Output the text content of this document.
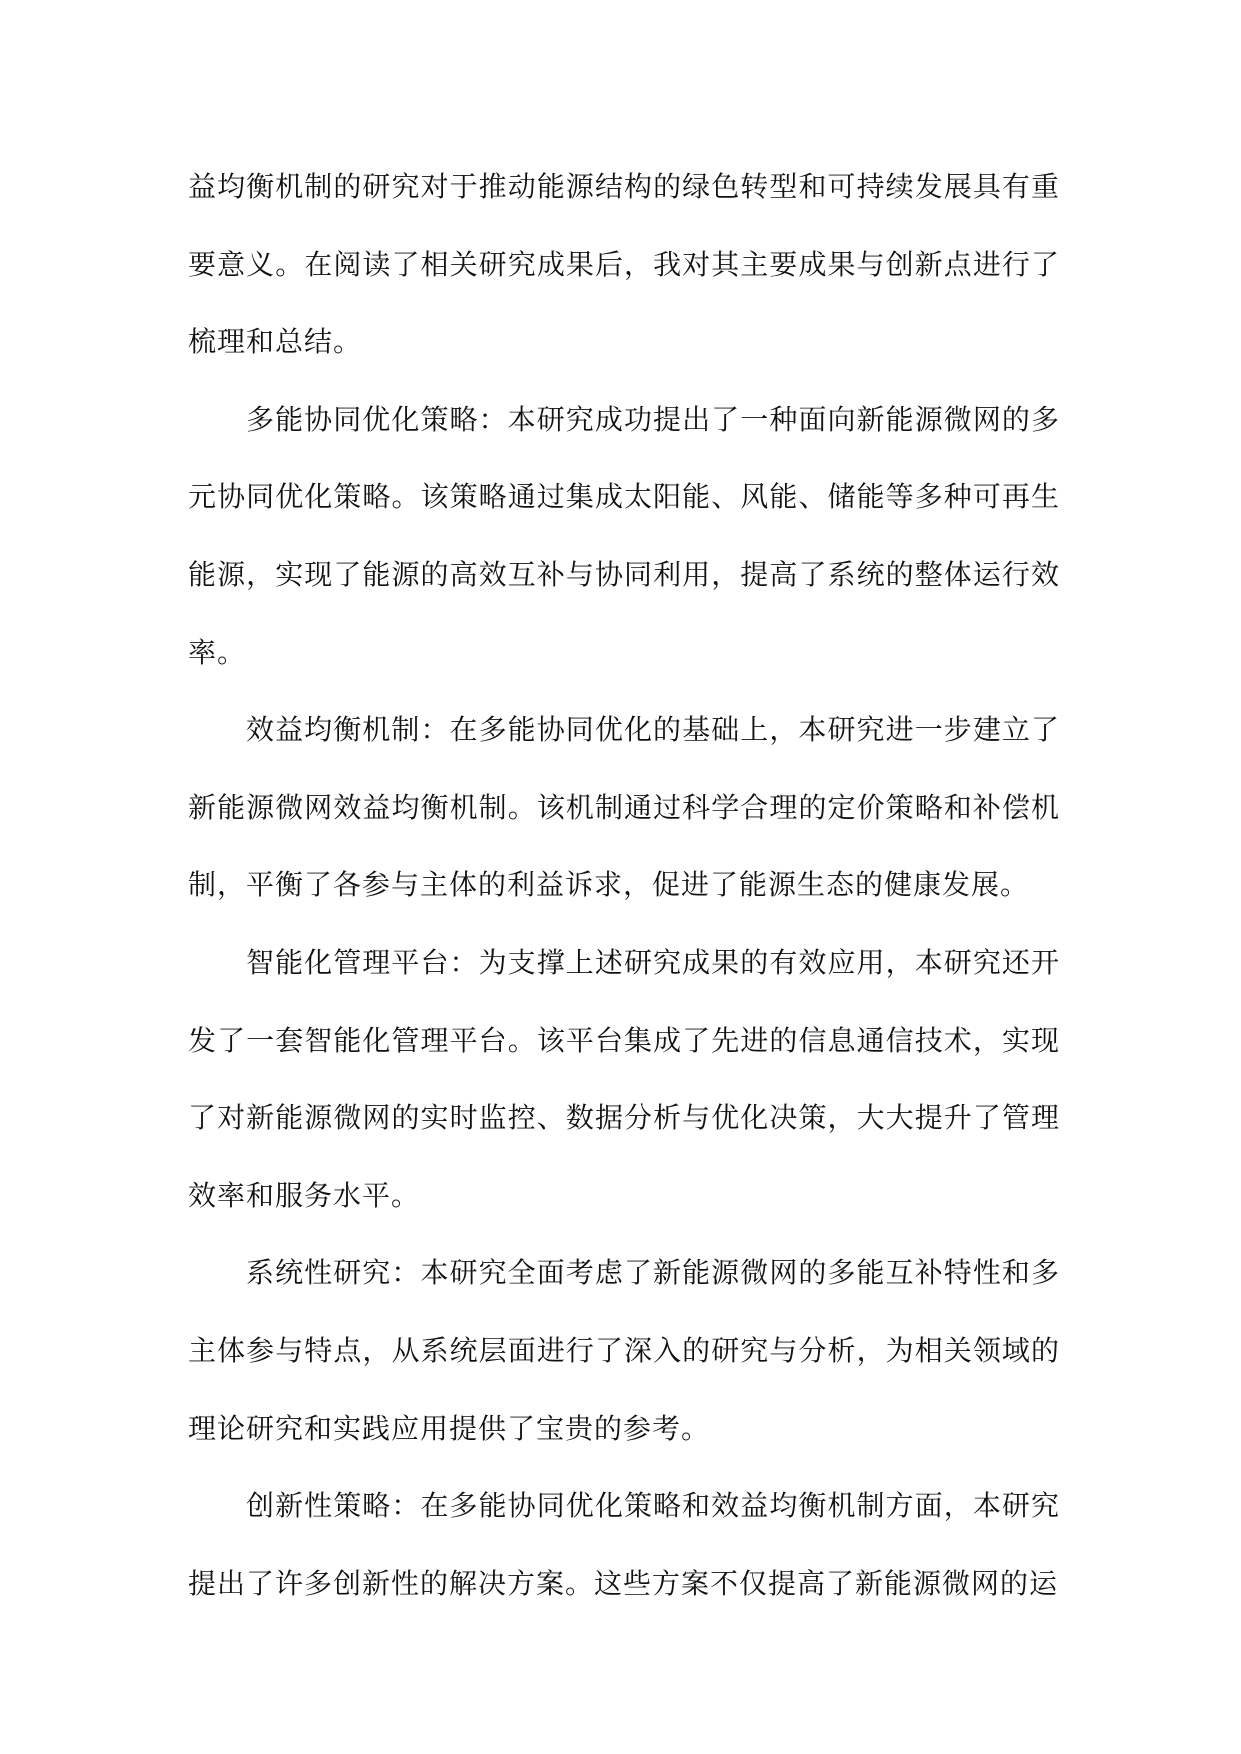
益均衡机制的研究对于推动能源结构的绿色转型和可持续发展具有重要意义。在阅读了相关研究成果后，我对其主要成果与创新点进行了梳理和总结。

多能协同优化策略：本研究成功提出了一种面向新能源微网的多元协同优化策略。该策略通过集成太阳能、风能、储能等多种可再生能源，实现了能源的高效互补与协同利用，提高了系统的整体运行效率。

效益均衡机制：在多能协同优化的基础上，本研究进一步建立了新能源微网效益均衡机制。该机制通过科学合理的定价策略和补偿机制，平衡了各参与主体的利益诉求，促进了能源生态的健康发展。

智能化管理平台：为支撑上述研究成果的有效应用，本研究还开发了一套智能化管理平台。该平台集成了先进的信息通信技术，实现了对新能源微网的实时监控、数据分析与优化决策，大大提升了管理效率和服务水平。

系统性研究：本研究全面考虑了新能源微网的多能互补特性和多主体参与特点，从系统层面进行了深入的研究与分析，为相关领域的理论研究和实践应用提供了宝贵的参考。

创新性策略：在多能协同优化策略和效益均衡机制方面，本研究提出了许多创新性的解决方案。这些方案不仅提高了新能源微网的运
